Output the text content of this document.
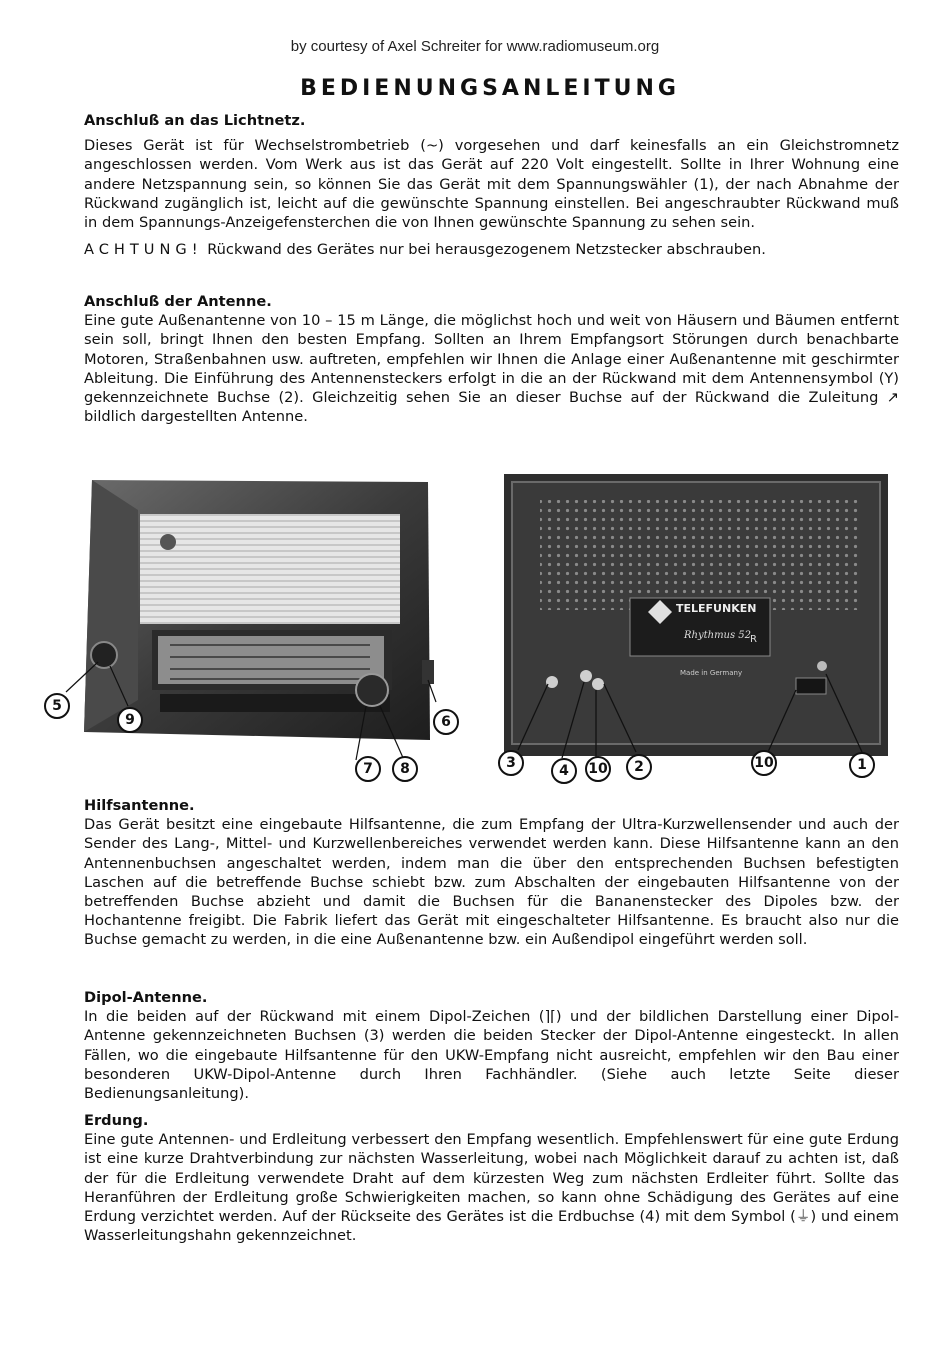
by courtesy of Axel Schreiter for www.radiomuseum.org
BEDIENUNGSANLEITUNG
Anschluß an das Lichtnetz.

Dieses Gerät ist für Wechselstrombetrieb (~) vorgesehen und darf keinesfalls an ein Gleichstromnetz angeschlossen werden. Vom Werk aus ist das Gerät auf 220 Volt eingestellt. Sollte in Ihrer Wohnung eine andere Netzspannung sein, so können Sie das Gerät mit dem Spannungswähler (1), der nach Abnahme der Rückwand zugänglich ist, leicht auf die gewünschte Spannung einstellen. Bei angeschraubter Rückwand muß in dem Spannungs-Anzeigefensterchen die von Ihnen gewünschte Spannung zu sehen sein.

ACHTUNG! Rückwand des Gerätes nur bei herausgezogenem Netzstecker abschrauben.

Anschluß der Antenne.

Eine gute Außenantenne von 10 – 15 m Länge, die möglichst hoch und weit von Häusern und Bäumen entfernt sein soll, bringt Ihnen den besten Empfang. Sollten an Ihrem Empfangsort Störungen durch benachbarte Motoren, Straßenbahnen usw. auftreten, empfehlen wir Ihnen die Anlage einer Außenantenne mit geschirmter Ableitung. Die Einführung des Antennensteckers erfolgt in die an der Rückwand mit dem Antennensymbol (Y) gekennzeichnete Buchse (2). Gleichzeitig sehen Sie an dieser Buchse auf der Rückwand die Zuleitung ↗ bildlich dargestellten Antenne.

5
9	6
7	8
TELEFUNKEN
Rhythmus 52
R
Made in Germany
3	4	10	2	10	1
Hilfsantenne.

Das Gerät besitzt eine eingebaute Hilfsantenne, die zum Empfang der Ultra-Kurzwellensender und auch der Sender des Lang-, Mittel- und Kurzwellenbereiches verwendet werden kann. Diese Hilfsantenne kann an den Antennenbuchsen angeschaltet werden, indem man die über den entsprechenden Buchsen befestigten Laschen auf die betreffende Buchse schiebt bzw. zum Abschalten der eingebauten Hilfsantenne von der betreffenden Buchse abzieht und damit die Buchsen für die Bananenstecker des Dipoles bzw. der Hochantenne freigibt. Die Fabrik liefert das Gerät mit eingeschalteter Hilfsantenne. Es braucht also nur die Buchse gemacht zu werden, in die eine Außenantenne bzw. ein Außendipol eingeführt werden soll.

Dipol-Antenne.

In die beiden auf der Rückwand mit einem Dipol-Zeichen (⌉⌈) und der bildlichen Darstellung einer Dipol-Antenne gekennzeichneten Buchsen (3) werden die beiden Stecker der Dipol-Antenne eingesteckt. In allen Fällen, wo die eingebaute Hilfsantenne für den UKW-Empfang nicht ausreicht, empfehlen wir den Bau einer besonderen UKW-Dipol-Antenne durch Ihren Fachhändler. (Siehe auch letzte Seite dieser Bedienungsanleitung).

Erdung.

Eine gute Antennen- und Erdleitung verbessert den Empfang wesentlich. Empfehlenswert für eine gute Erdung ist eine kurze Drahtverbindung zur nächsten Wasserleitung, wobei nach Möglichkeit darauf zu achten ist, daß der für die Erdleitung verwendete Draht auf dem kürzesten Weg zum nächsten Erdleiter führt. Sollte das Heranführen der Erdleitung große Schwierigkeiten machen, so kann ohne Schädigung des Gerätes auf eine Erdung verzichtet werden. Auf der Rückseite des Gerätes ist die Erdbuchse (4) mit dem Symbol (⏚) und einem Wasserleitungshahn gekennzeichnet.
